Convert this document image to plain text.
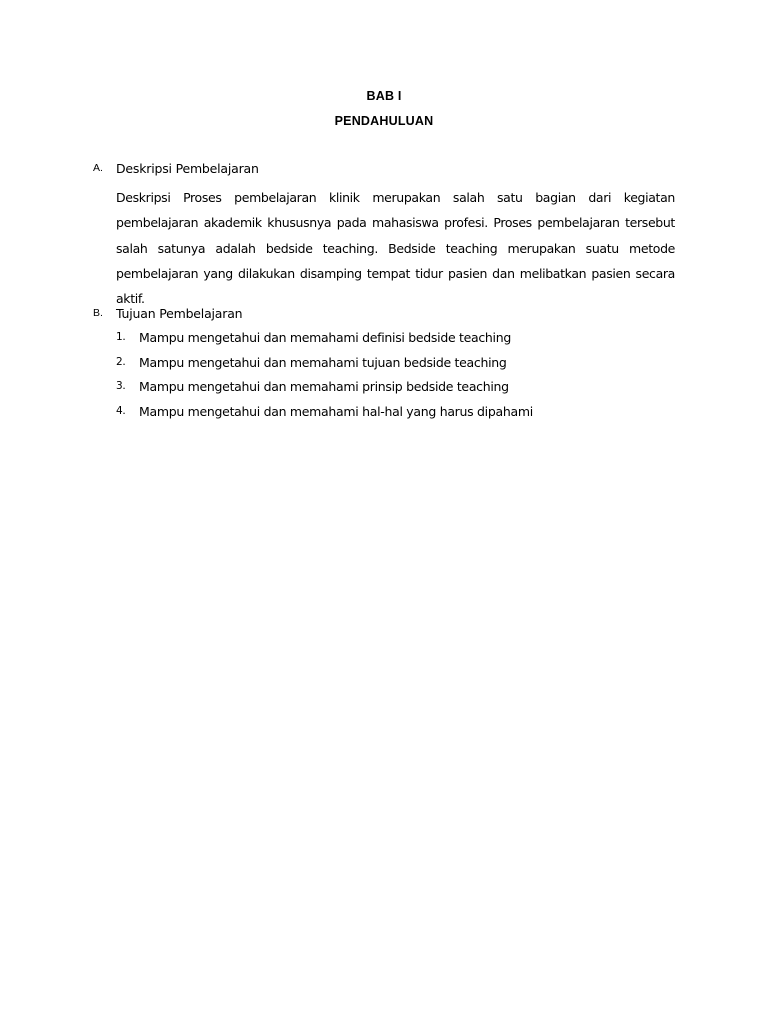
BAB I
PENDAHULUAN
A. Deskripsi Pembelajaran
Deskripsi Proses pembelajaran klinik merupakan salah satu bagian dari kegiatan pembelajaran akademik khususnya pada mahasiswa profesi. Proses pembelajaran tersebut salah satunya adalah bedside teaching. Bedside teaching merupakan suatu metode pembelajaran yang dilakukan disamping tempat tidur pasien dan melibatkan pasien secara aktif.
B. Tujuan Pembelajaran
1. Mampu mengetahui dan memahami definisi bedside teaching
2. Mampu mengetahui dan memahami tujuan bedside teaching
3. Mampu mengetahui dan memahami prinsip bedside teaching
4. Mampu mengetahui dan memahami hal-hal yang harus dipahami
